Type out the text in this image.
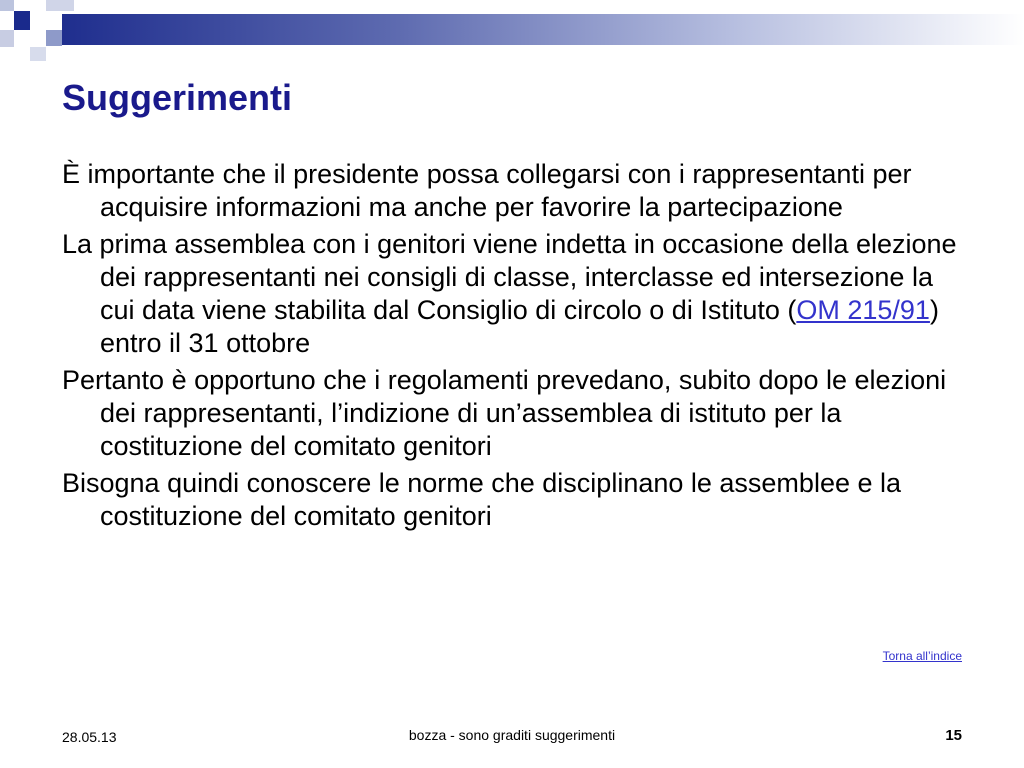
Suggerimenti
È importante che il presidente possa collegarsi con i rappresentanti per acquisire informazioni ma anche per favorire la partecipazione
La prima assemblea con i genitori viene indetta in occasione della elezione dei rappresentanti nei consigli di classe, interclasse ed intersezione la cui data viene stabilita dal Consiglio di circolo o di Istituto (OM 215/91) entro il 31 ottobre
Pertanto è opportuno che i regolamenti prevedano, subito dopo le elezioni dei rappresentanti, l’indizione di un’assemblea di istituto per la costituzione del comitato genitori
Bisogna quindi conoscere le norme che disciplinano le assemblee e la costituzione del comitato genitori
Torna all’indice
28.05.13	bozza - sono graditi suggerimenti	15
